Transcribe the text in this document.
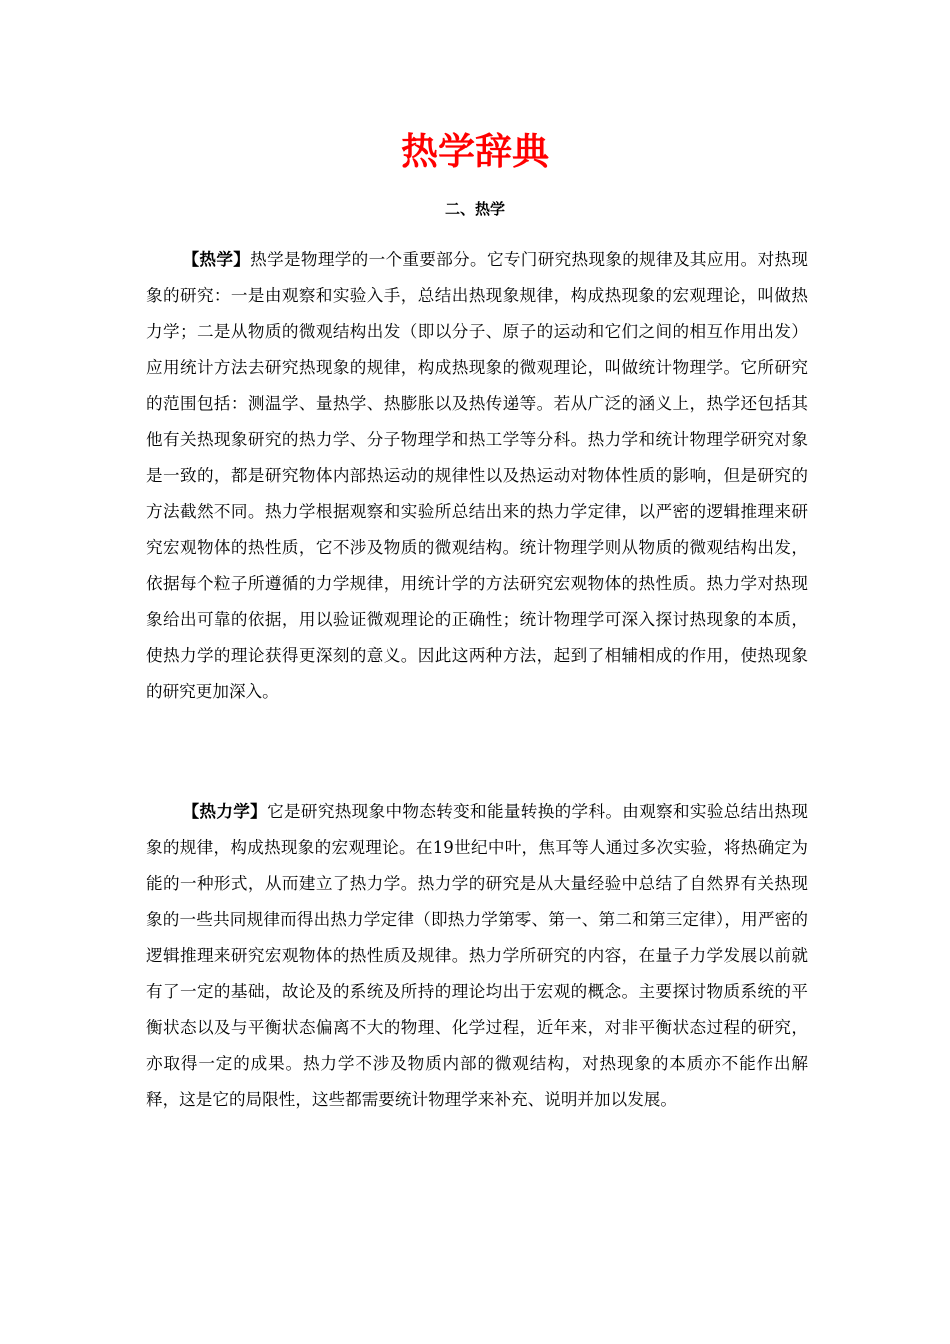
热学辞典
二、热学

【热学】热学是物理学的一个重要部分。它专门研究热现象的规律及其应用。对热现象的研究：一是由观察和实验入手，总结出热现象规律，构成热现象的宏观理论，叫做热力学；二是从物质的微观结构出发（即以分子、原子的运动和它们之间的相互作用出发）应用统计方法去研究热现象的规律，构成热现象的微观理论，叫做统计物理学。它所研究的范围包括：测温学、量热学、热膨胀以及热传递等。若从广泛的涵义上，热学还包括其他有关热现象研究的热力学、分子物理学和热工学等分科。热力学和统计物理学研究对象是一致的，都是研究物体内部热运动的规律性以及热运动对物体性质的影响，但是研究的方法截然不同。热力学根据观察和实验所总结出来的热力学定律，以严密的逻辑推理来研究宏观物体的热性质，它不涉及物质的微观结构。统计物理学则从物质的微观结构出发，依据每个粒子所遵循的力学规律，用统计学的方法研究宏观物体的热性质。热力学对热现象给出可靠的依据，用以验证微观理论的正确性；统计物理学可深入探讨热现象的本质，使热力学的理论获得更深刻的意义。因此这两种方法，起到了相辅相成的作用，使热现象的研究更加深入。

【热力学】它是研究热现象中物态转变和能量转换的学科。由观察和实验总结出热现象的规律，构成热现象的宏观理论。在19世纪中叶，焦耳等人通过多次实验，将热确定为能的一种形式，从而建立了热力学。热力学的研究是从大量经验中总结了自然界有关热现象的一些共同规律而得出热力学定律（即热力学第零、第一、第二和第三定律），用严密的逻辑推理来研究宏观物体的热性质及规律。热力学所研究的内容，在量子力学发展以前就有了一定的基础，故论及的系统及所持的理论均出于宏观的概念。主要探讨物质系统的平衡状态以及与平衡状态偏离不大的物理、化学过程，近年来，对非平衡状态过程的研究，亦取得一定的成果。热力学不涉及物质内部的微观结构，对热现象的本质亦不能作出解释，这是它的局限性，这些都需要统计物理学来补充、说明并加以发展。
